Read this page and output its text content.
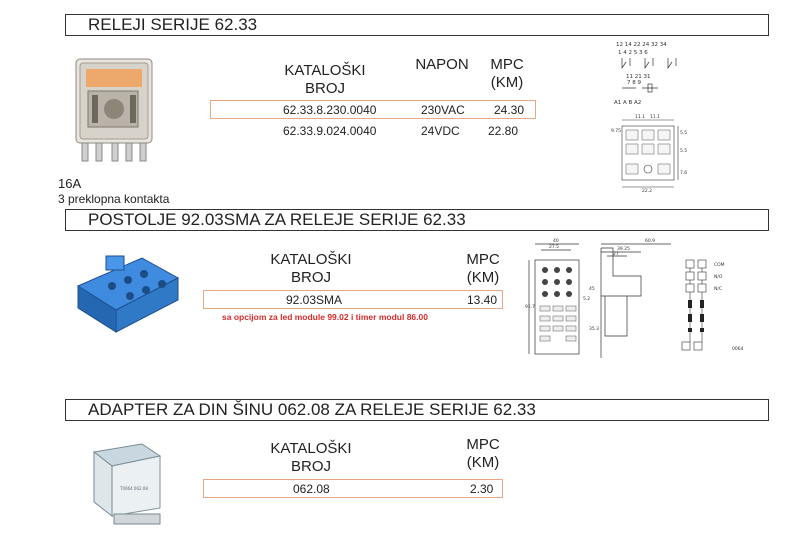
RELEJI SERIJE 62.33
KATALOŠKI BROJ
NAPON	MPC (KM)
62.33.8.230.0040	230VAC 24.30
62.33.9.024.0040	24VDC 22.80
16A
3 preklopna kontakta
12 14 22 24 32 34
1 4 2 5 3 6
11 21 31
7 8 9
A1 A B A2
11.1 11.1
22.2
9.75	5.5
5.5
7.6
POSTOLJE 92.03SMA ZA RELEJE SERIJE 62.33
KATALOŠKI BROJ
MPC (KM)
92.03SMA	13.40
sa opcijom za led module 99.02 i timer modul 86.00
40
27.5
60.9
39.25
27
91.7
45
35.3
5.2
COM
N/O
N/C
0064
ADAPTER ZA DIN ŠINU 062.08 ZA RELEJE SERIJE 62.33
T0064 062.08
KATALOŠKI BROJ
MPC (KM)
062.08	2.30
